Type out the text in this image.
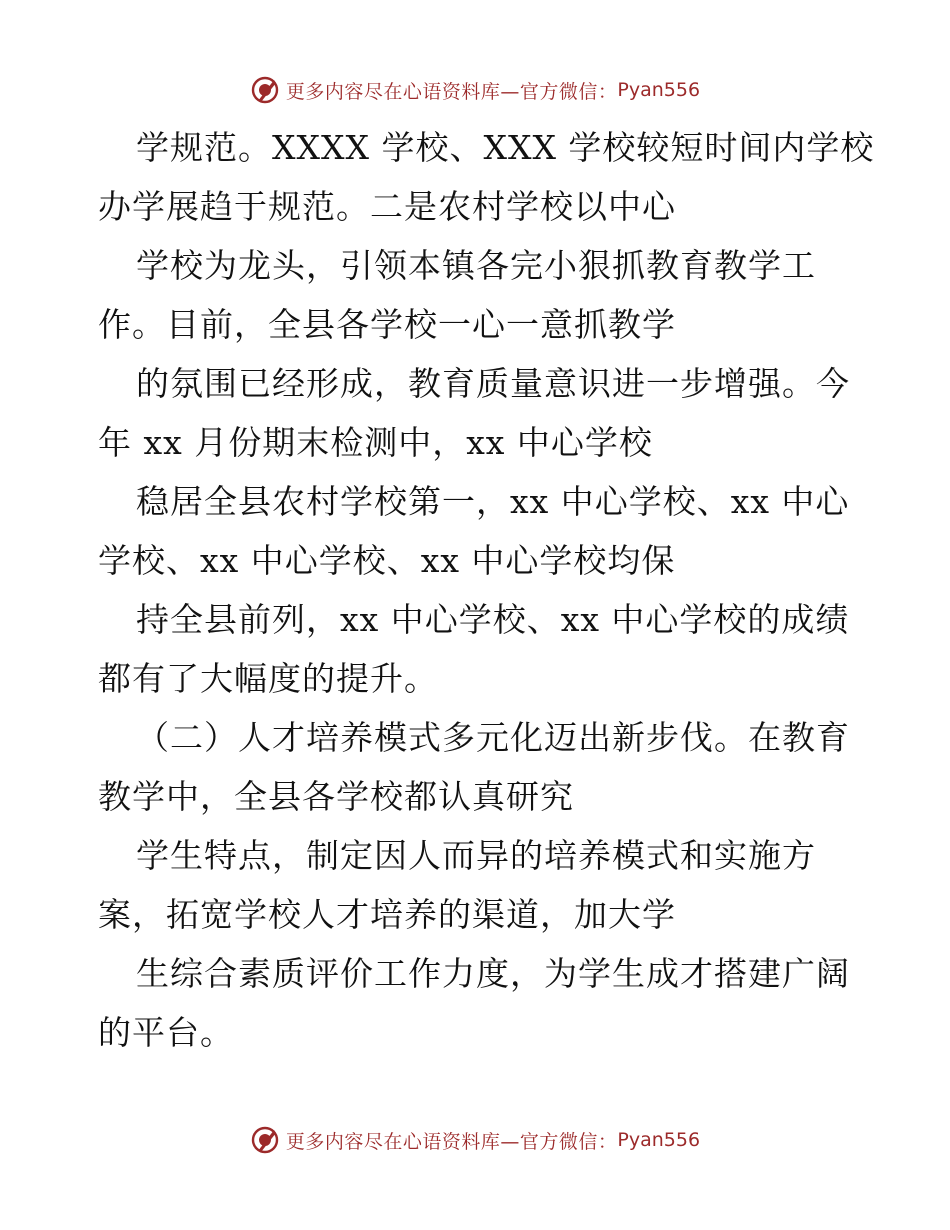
更多内容尽在心语资料库—官方微信： Pyan556
学规范。XXXX 学校、XXX 学校较短时间内学校
办学展趋于规范。二是农村学校以中心
学校为龙头，引领本镇各完小狠抓教育教学工
作。目前，全县各学校一心一意抓教学
的氛围已经形成，教育质量意识进一步增强。今
年 xx 月份期末检测中，xx 中心学校
稳居全县农村学校第一，xx 中心学校、xx 中心
学校、xx 中心学校、xx 中心学校均保
持全县前列，xx 中心学校、xx 中心学校的成绩
都有了大幅度的提升。
（二）人才培养模式多元化迈出新步伐。在教育
教学中，全县各学校都认真研究
学生特点，制定因人而异的培养模式和实施方
案，拓宽学校人才培养的渠道，加大学
生综合素质评价工作力度，为学生成才搭建广阔
的平台。
更多内容尽在心语资料库—官方微信： Pyan556
